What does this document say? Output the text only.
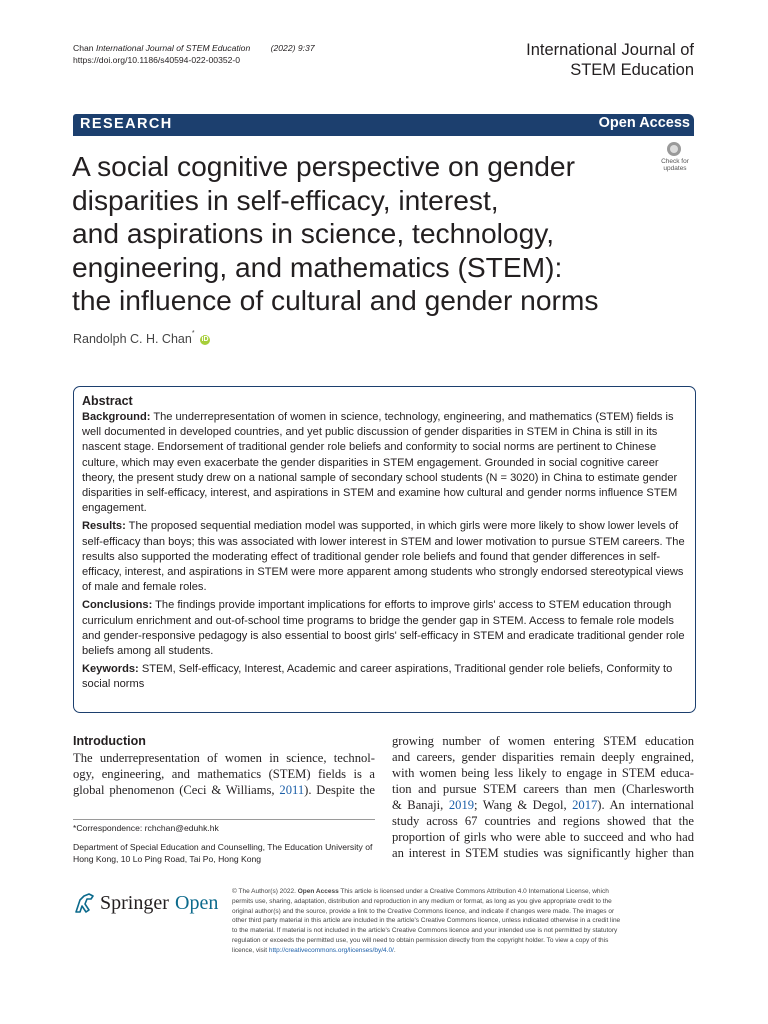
Chan International Journal of STEM Education (2022) 9:37
https://doi.org/10.1186/s40594-022-00352-0
International Journal of
STEM Education
RESEARCH	Open Access
A social cognitive perspective on gender
disparities in self-efficacy, interest,
and aspirations in science, technology,
engineering, and mathematics (STEM):
the influence of cultural and gender norms
Check for
updates
Randolph C. H. Chan* iD
Abstract

Background: The underrepresentation of women in science, technology, engineering, and mathematics (STEM) fields is well documented in developed countries, and yet public discussion of gender disparities in STEM in China is still in its nascent stage. Endorsement of traditional gender role beliefs and conformity to social norms are pertinent to Chinese culture, which may even exacerbate the gender disparities in STEM engagement. Grounded in social cognitive career theory, the present study drew on a national sample of secondary school students (N = 3020) in China to estimate gender disparities in self-efficacy, interest, and aspirations in STEM and examine how cultural and gender norms influence STEM engagement.

Results: The proposed sequential mediation model was supported, in which girls were more likely to show lower levels of self-efficacy than boys; this was associated with lower interest in STEM and lower motivation to pursue STEM careers. The results also supported the moderating effect of traditional gender role beliefs and found that gender differences in self-efficacy, interest, and aspirations in STEM were more apparent among students who strongly endorsed stereotypical views of male and female roles.

Conclusions: The findings provide important implications for efforts to improve girls' access to STEM education through curriculum enrichment and out-of-school time programs to bridge the gender gap in STEM. Access to female role models and gender-responsive pedagogy is also essential to boost girls' self-efficacy in STEM and eradicate traditional gender role beliefs among all students.

Keywords: STEM, Self-efficacy, Interest, Academic and career aspirations, Traditional gender role beliefs, Conformity to social norms

Introduction
The underrepresentation of women in science, technol-
ogy, engineering, and mathematics (STEM) fields is a
global phenomenon (Ceci & Williams, 2011). Despite the
growing number of women entering STEM education
and careers, gender disparities remain deeply engrained,
with women being less likely to engage in STEM educa-
tion and pursue STEM careers than men (Charlesworth
& Banaji, 2019; Wang & Degol, 2017). An international
study across 67 countries and regions showed that the
proportion of girls who were able to succeed and who had
an interest in STEM studies was significantly higher than
*Correspondence: rchchan@eduhk.hk
Department of Special Education and Counselling, The Education University of Hong Kong, 10 Lo Ping Road, Tai Po, Hong Kong
Springer Open
© The Author(s) 2022. Open Access This article is licensed under a Creative Commons Attribution 4.0 International License, which
permits use, sharing, adaptation, distribution and reproduction in any medium or format, as long as you give appropriate credit to the
original author(s) and the source, provide a link to the Creative Commons licence, and indicate if changes were made. The images or
other third party material in this article are included in the article's Creative Commons licence, unless indicated otherwise in a credit line
to the material. If material is not included in the article's Creative Commons licence and your intended use is not permitted by statutory
regulation or exceeds the permitted use, you will need to obtain permission directly from the copyright holder. To view a copy of this
licence, visit http://creativecommons.org/licenses/by/4.0/.
